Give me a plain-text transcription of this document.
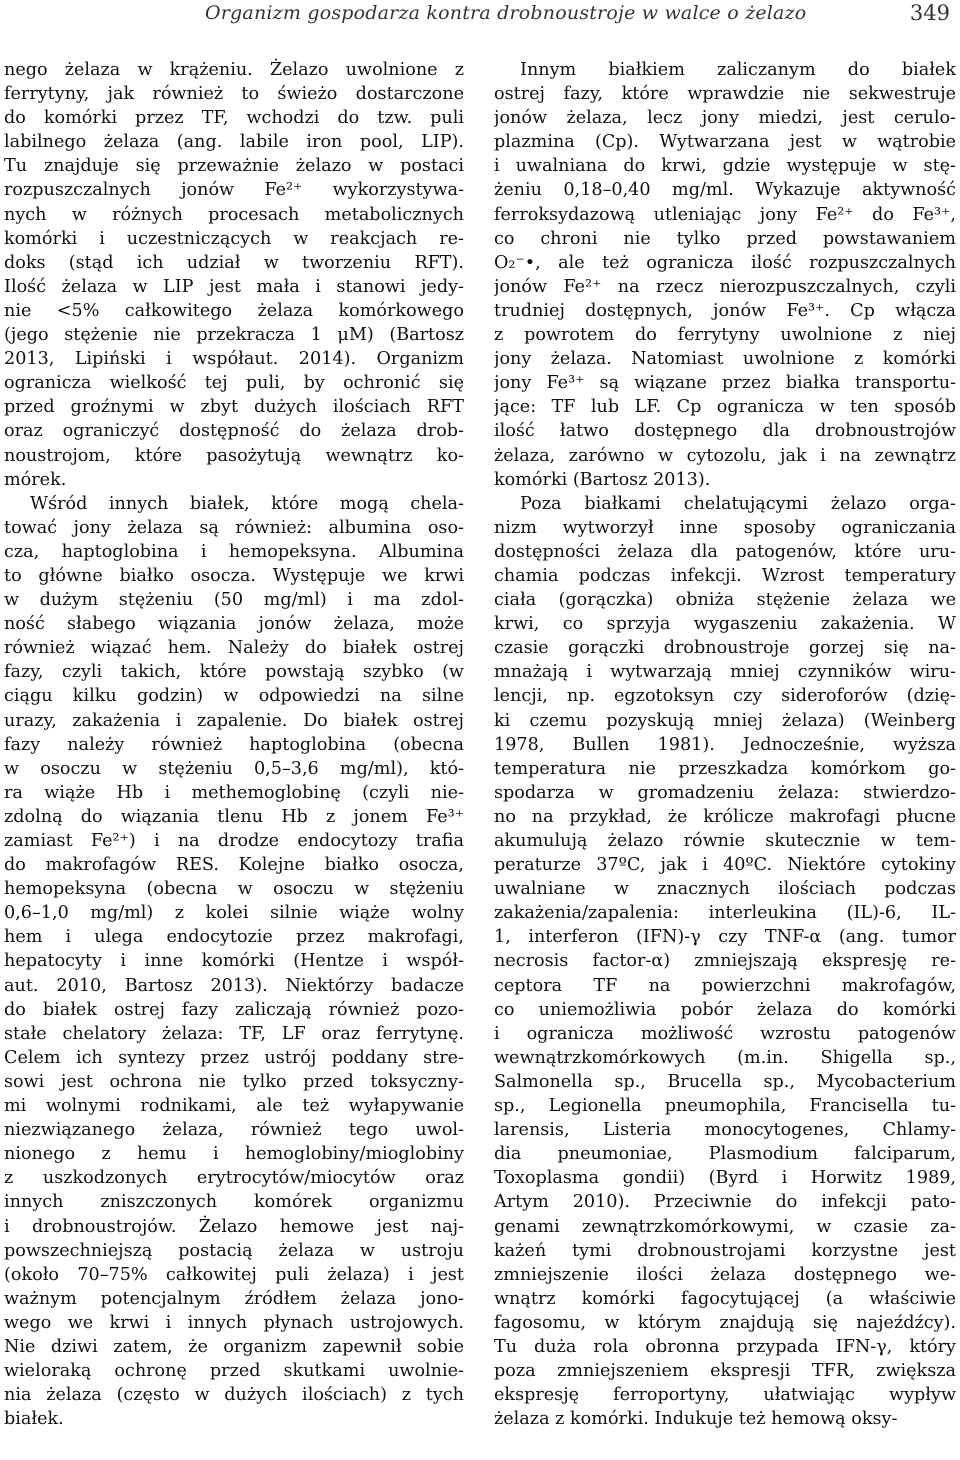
Organizm gospodarza kontra drobnoustroje w walce o żelazo	349
nego żelaza w krążeniu. Żelazo uwolnione z
ferrytyny, jak również to świeżo dostarczone
do komórki przez TF, wchodzi do tzw. puli
labilnego żelaza (ang. labile iron pool, LIP).
Tu znajduje się przeważnie żelazo w postaci
rozpuszczalnych jonów Fe²⁺ wykorzystywa-
nych w różnych procesach metabolicznych
komórki i uczestniczących w reakcjach re-
doks (stąd ich udział w tworzeniu RFT).
Ilość żelaza w LIP jest mała i stanowi jedy-
nie <5% całkowitego żelaza komórkowego
(jego stężenie nie przekracza 1 μM) (Bartosz
2013, Lipiński i współaut. 2014). Organizm
ogranicza wielkość tej puli, by ochronić się
przed groźnymi w zbyt dużych ilościach RFT
oraz ograniczyć dostępność do żelaza drob-
noustrojom, które pasożytują wewnątrz ko-
mórek.
Wśród innych białek, które mogą chela-
tować jony żelaza są również: albumina oso-
cza, haptoglobina i hemopeksyna. Albumina
to główne białko osocza. Występuje we krwi
w dużym stężeniu (50 mg/ml) i ma zdol-
ność słabego wiązania jonów żelaza, może
również wiązać hem. Należy do białek ostrej
fazy, czyli takich, które powstają szybko (w
ciągu kilku godzin) w odpowiedzi na silne
urazy, zakażenia i zapalenie. Do białek ostrej
fazy należy również haptoglobina (obecna
w osoczu w stężeniu 0,5–3,6 mg/ml), któ-
ra wiąże Hb i methemoglobinę (czyli nie-
zdolną do wiązania tlenu Hb z jonem Fe³⁺
zamiast Fe²⁺) i na drodze endocytozy trafia
do makrofagów RES. Kolejne białko osocza,
hemopeksyna (obecna w osoczu w stężeniu
0,6–1,0 mg/ml) z kolei silnie wiąże wolny
hem i ulega endocytozie przez makrofagi,
hepatocyty i inne komórki (Hentze i współ-
aut. 2010, Bartosz 2013). Niektórzy badacze
do białek ostrej fazy zaliczają również pozo-
stałe chelatory żelaza: TF, LF oraz ferrytynę.
Celem ich syntezy przez ustrój poddany stre-
sowi jest ochrona nie tylko przed toksyczny-
mi wolnymi rodnikami, ale też wyłapywanie
niezwiązanego żelaza, również tego uwol-
nionego z hemu i hemoglobiny/mioglobiny
z uszkodzonych erytrocytów/miocytów oraz
innych zniszczonych komórek organizmu
i drobnoustrojów. Żelazo hemowe jest naj-
powszechniejszą postacią żelaza w ustroju
(około 70–75% całkowitej puli żelaza) i jest
ważnym potencjalnym źródłem żelaza jono-
wego we krwi i innych płynach ustrojowych.
Nie dziwi zatem, że organizm zapewnił sobie
wieloraką ochronę przed skutkami uwolnie-
nia żelaza (często w dużych ilościach) z tych
białek.
Innym białkiem zaliczanym do białek
ostrej fazy, które wprawdzie nie sekwestruje
jonów żelaza, lecz jony miedzi, jest cerulo-
plazmina (Cp). Wytwarzana jest w wątrobie
i uwalniana do krwi, gdzie występuje w stę-
żeniu 0,18–0,40 mg/ml. Wykazuje aktywność
ferroksydazową utleniając jony Fe²⁺ do Fe³⁺,
co chroni nie tylko przed powstawaniem
O₂⁻•, ale też ogranicza ilość rozpuszczalnych
jonów Fe²⁺ na rzecz nierozpuszczalnych, czyli
trudniej dostępnych, jonów Fe³⁺. Cp włącza
z powrotem do ferrytyny uwolnione z niej
jony żelaza. Natomiast uwolnione z komórki
jony Fe³⁺ są wiązane przez białka transportu-
jące: TF lub LF. Cp ogranicza w ten sposób
ilość łatwo dostępnego dla drobnoustrojów
żelaza, zarówno w cytozolu, jak i na zewnątrz
komórki (Bartosz 2013).
Poza białkami chelatującymi żelazo orga-
nizm wytworzył inne sposoby ograniczania
dostępności żelaza dla patogenów, które uru-
chamia podczas infekcji. Wzrost temperatury
ciała (gorączka) obniża stężenie żelaza we
krwi, co sprzyja wygaszeniu zakażenia. W
czasie gorączki drobnoustroje gorzej się na-
mnażają i wytwarzają mniej czynników wiru-
lencji, np. egzotoksyn czy sideroforów (dzię-
ki czemu pozyskują mniej żelaza) (Weinberg
1978, Bullen 1981). Jednocześnie, wyższa
temperatura nie przeszkadza komórkom go-
spodarza w gromadzeniu żelaza: stwierdzo-
no na przykład, że królicze makrofagi płucne
akumulują żelazo równie skutecznie w tem-
peraturze 37ºC, jak i 40ºC. Niektóre cytokiny
uwalniane w znacznych ilościach podczas
zakażenia/zapalenia: interleukina (IL)-6, IL-
1, interferon (IFN)-γ czy TNF-α (ang. tumor
necrosis factor-α) zmniejszają ekspresję re-
ceptora TF na powierzchni makrofagów,
co uniemożliwia pobór żelaza do komórki
i ogranicza możliwość wzrostu patogenów
wewnątrzkomórkowych (m.in. Shigella sp.,
Salmonella sp., Brucella sp., Mycobacterium
sp., Legionella pneumophila, Francisella tu-
larensis, Listeria monocytogenes, Chlamy-
dia pneumoniae, Plasmodium falciparum,
Toxoplasma gondii) (Byrd i Horwitz 1989,
Artym 2010). Przeciwnie do infekcji pato-
genami zewnątrzkomórkowymi, w czasie za-
każeń tymi drobnoustrojami korzystne jest
zmniejszenie ilości żelaza dostępnego we-
wnątrz komórki fagocytującej (a właściwie
fagosomu, w którym znajdują się najeźdźcy).
Tu duża rola obronna przypada IFN-γ, który
poza zmniejszeniem ekspresji TFR, zwiększa
ekspresję ferroportyny, ułatwiając wypływ
żelaza z komórki. Indukuje też hemową oksy-
